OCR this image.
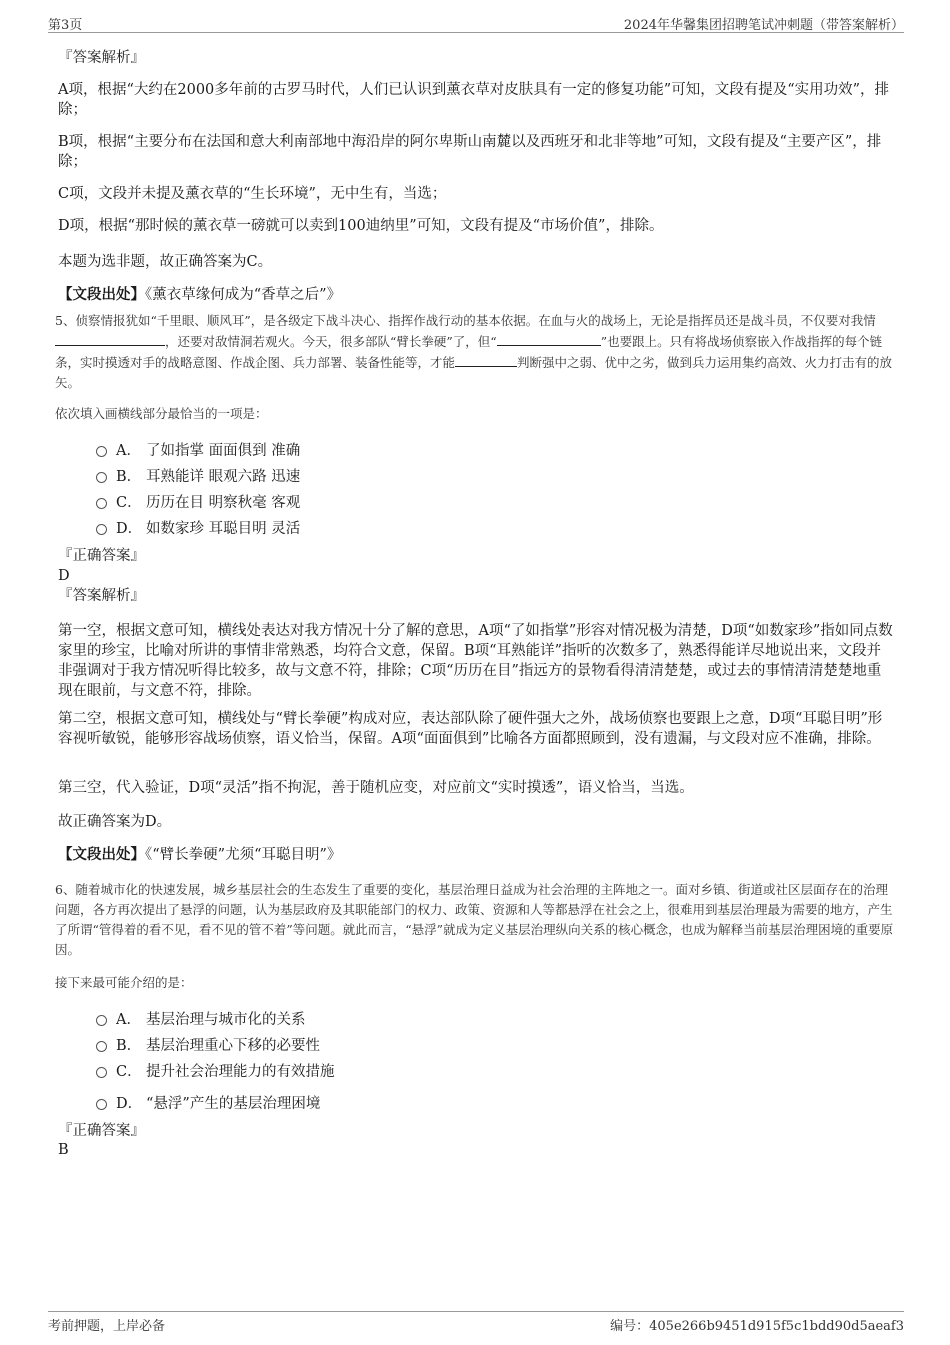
第3页	2024年华馨集团招聘笔试冲刺题（带答案解析）
『答案解析』

A项，根据“大约在2000多年前的古罗马时代，人们已认识到薰衣草对皮肤具有一定的修复功能”可知，文段有提及“实用功效”，排除；

B项，根据“主要分布在法国和意大利南部地中海沿岸的阿尔卑斯山南麓以及西班牙和北非等地”可知，文段有提及“主要产区”，排除；

C项，文段并未提及薰衣草的“生长环境”，无中生有，当选；

D项，根据“那时候的薰衣草一磅就可以卖到100迪纳里”可知，文段有提及“市场价值”，排除。

本题为选非题，故正确答案为C。

【文段出处】《薰衣草缘何成为“香草之后”》

5、侦察情报犹如“千里眼、顺风耳”，是各级定下战斗决心、指挥作战行动的基本依据。在血与火的战场上，无论是指挥员还是战斗员，不仅要对我情，还要对敌情洞若观火。今天，很多部队“臂长拳硬”了，但“	”也要跟上。只有将战场侦察嵌入作战指挥的每个链条，实时摸透对手的战略意图、作战企图、兵力部署、装备性能等，才能	判断强中之弱、优中之劣，做到兵力运用集约高效、火力打击有的放矢。

依次填入画横线部分最恰当的一项是：

A． 了如指掌 面面俱到 准确
B． 耳熟能详 眼观六路 迅速
C． 历历在目 明察秋毫 客观
D． 如数家珍 耳聪目明 灵活
『正确答案』
D
『答案解析』

第一空，根据文意可知，横线处表达对我方情况十分了解的意思，A项“了如指掌”形容对情况极为清楚，D项“如数家珍”指如同点数家里的珍宝，比喻对所讲的事情非常熟悉，均符合文意，保留。B项“耳熟能详”指听的次数多了，熟悉得能详尽地说出来，文段并非强调对于我方情况听得比较多，故与文意不符，排除；C项“历历在目”指远方的景物看得清清楚楚，或过去的事情清清楚楚地重现在眼前，与文意不符，排除。

第二空，根据文意可知，横线处与“臂长拳硬”构成对应，表达部队除了硬件强大之外，战场侦察也要跟上之意，D项“耳聪目明”形容视听敏锐，能够形容战场侦察，语义恰当，保留。A项“面面俱到”比喻各方面都照顾到，没有遗漏，与文段对应不准确，排除。

第三空，代入验证，D项“灵活”指不拘泥，善于随机应变，对应前文“实时摸透”，语义恰当，当选。

故正确答案为D。

【文段出处】《“臂长拳硬”尤须“耳聪目明”》

6、随着城市化的快速发展，城乡基层社会的生态发生了重要的变化，基层治理日益成为社会治理的主阵地之一。面对乡镇、街道或社区层面存在的治理问题，各方再次提出了悬浮的问题，认为基层政府及其职能部门的权力、政策、资源和人等都悬浮在社会之上，很难用到基层治理最为需要的地方，产生了所谓“管得着的看不见，看不见的管不着”等问题。就此而言，“悬浮”就成为定义基层治理纵向关系的核心概念，也成为解释当前基层治理困境的重要原因。

接下来最可能介绍的是：

A． 基层治理与城市化的关系
B． 基层治理重心下移的必要性
C． 提升社会治理能力的有效措施
D． “悬浮”产生的基层治理困境
『正确答案』
B
考前押题，上岸必备	编号：405e266b9451d915f5c1bdd90d5aeaf3
